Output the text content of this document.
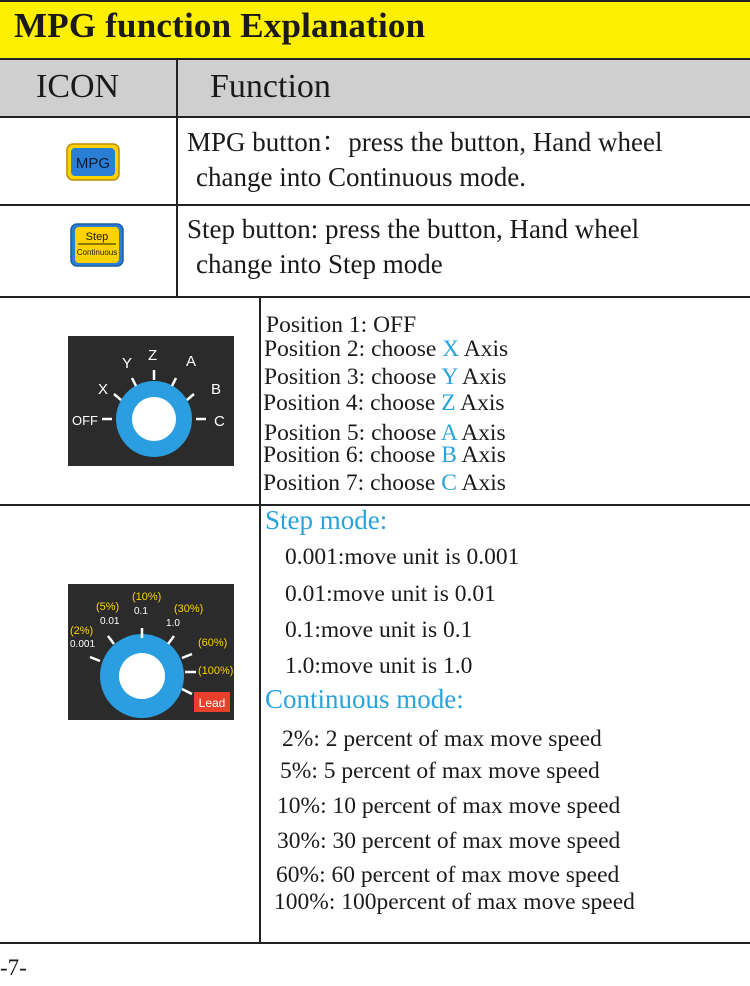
MPG function Explanation
ICON	Function
MPG
MPG button：press the button, Hand wheel
change into Continuous mode.
Step
Continuous
Step button: press the button, Hand wheel
change into Step mode
OFF
X
Y Z A
B
C
Position 1: OFF
Position 2: choose X Axis
Position 3: choose Y Axis
Position 4: choose Z Axis
Position 5: choose A Axis
Position 6: choose B Axis
Position 7: choose C Axis
(2%)
0.001
(5%)
0.01
(10%)
0.1 (30%)
1.0
(60%)
(100%)
Lead
Step mode:
0.001:move unit is 0.001
0.01:move unit is 0.01
0.1:move unit is 0.1
1.0:move unit is 1.0
Continuous mode:
2%: 2 percent of max move speed
5%: 5 percent of max move speed
10%: 10 percent of max move speed
30%: 30 percent of max move speed
60%: 60 percent of max move speed
100%: 100percent of max move speed
-7-
